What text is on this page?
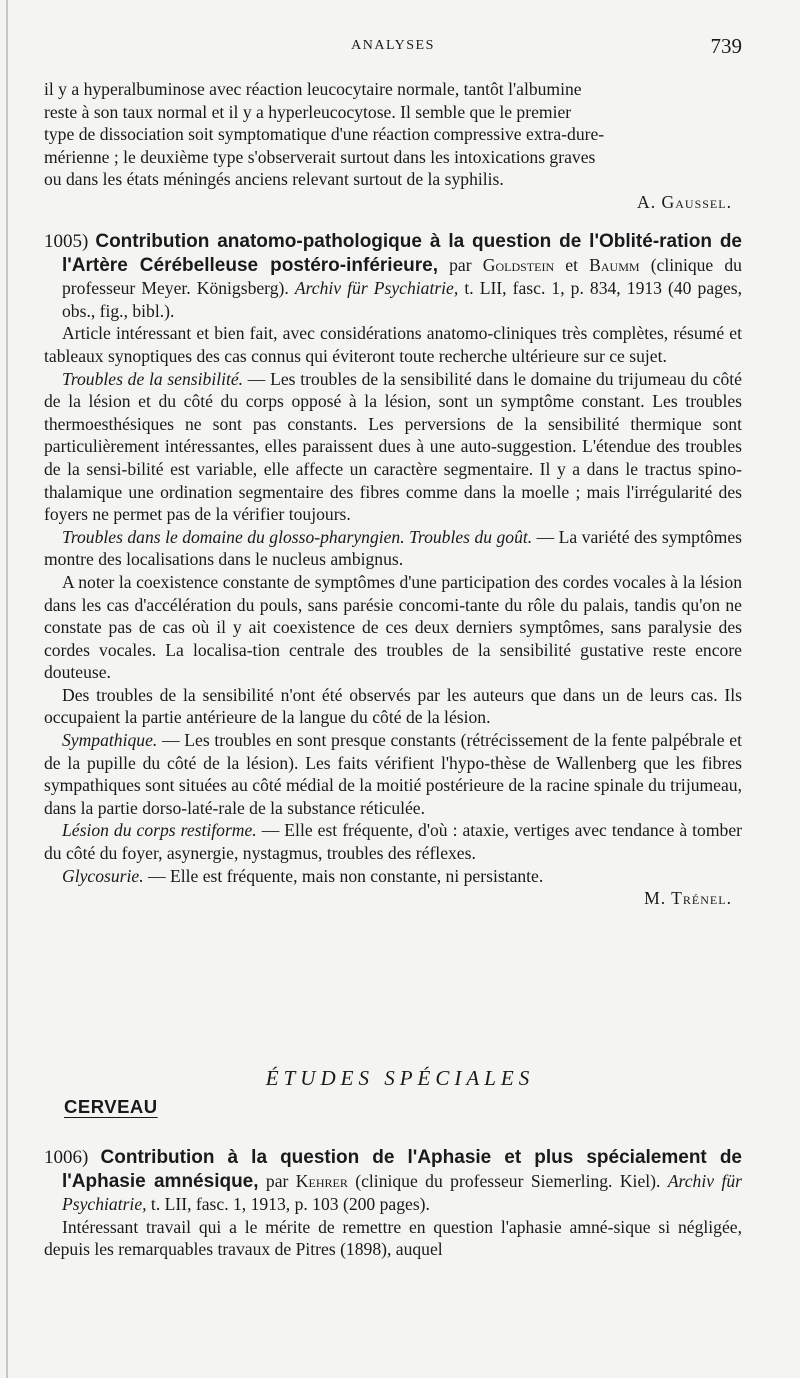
ANALYSES	739

il y a hyperalbuminose avec réaction leucocytaire normale, tantôt l'albumine

reste à son taux normal et il y a hyperleucocytose. Il semble que le premier

type de dissociation soit symptomatique d'une réaction compressive extra-dure-

mérienne ; le deuxième type s'observerait surtout dans les intoxications graves

ou dans les états méningés anciens relevant surtout de la syphilis.

A. Gaussel.

1005) Contribution anatomo-pathologique à la question de l'Oblité-ration de l'Artère Cérébelleuse postéro-inférieure, par Goldstein et Baumm (clinique du professeur Meyer. Königsberg). Archiv für Psychiatrie, t. LII, fasc. 1, p. 834, 1913 (40 pages, obs., fig., bibl.).

Article intéressant et bien fait, avec considérations anatomo-cliniques très complètes, résumé et tableaux synoptiques des cas connus qui éviteront toute recherche ultérieure sur ce sujet.

Troubles de la sensibilité. — Les troubles de la sensibilité dans le domaine du trijumeau du côté de la lésion et du côté du corps opposé à la lésion, sont un symptôme constant. Les troubles thermoesthésiques ne sont pas constants. Les perversions de la sensibilité thermique sont particulièrement intéressantes, elles paraissent dues à une auto-suggestion. L'étendue des troubles de la sensi-bilité est variable, elle affecte un caractère segmentaire. Il y a dans le tractus spino-thalamique une ordination segmentaire des fibres comme dans la moelle ; mais l'irrégularité des foyers ne permet pas de la vérifier toujours.

Troubles dans le domaine du glosso-pharyngien. Troubles du goût. — La variété des symptômes montre des localisations dans le nucleus ambignus.

A noter la coexistence constante de symptômes d'une participation des cordes vocales à la lésion dans les cas d'accélération du pouls, sans parésie concomi-tante du rôle du palais, tandis qu'on ne constate pas de cas où il y ait coexistence de ces deux derniers symptômes, sans paralysie des cordes vocales. La localisa-tion centrale des troubles de la sensibilité gustative reste encore douteuse.

Des troubles de la sensibilité n'ont été observés par les auteurs que dans un de leurs cas. Ils occupaient la partie antérieure de la langue du côté de la lésion.

Sympathique. — Les troubles en sont presque constants (rétrécissement de la fente palpébrale et de la pupille du côté de la lésion). Les faits vérifient l'hypo-thèse de Wallenberg que les fibres sympathiques sont situées au côté médial de la moitié postérieure de la racine spinale du trijumeau, dans la partie dorso-laté-rale de la substance réticulée.

Lésion du corps restiforme. — Elle est fréquente, d'où : ataxie, vertiges avec tendance à tomber du côté du foyer, asynergie, nystagmus, troubles des réflexes.

Glycosurie. — Elle est fréquente, mais non constante, ni persistante.

M. Trénel.

ÉTUDES SPÉCIALES
CERVEAU

1006) Contribution à la question de l'Aphasie et plus spécialement de l'Aphasie amnésique, par Kehrer (clinique du professeur Siemerling. Kiel). Archiv für Psychiatrie, t. LII, fasc. 1, 1913, p. 103 (200 pages).

Intéressant travail qui a le mérite de remettre en question l'aphasie amné-sique si négligée, depuis les remarquables travaux de Pitres (1898), auquel
